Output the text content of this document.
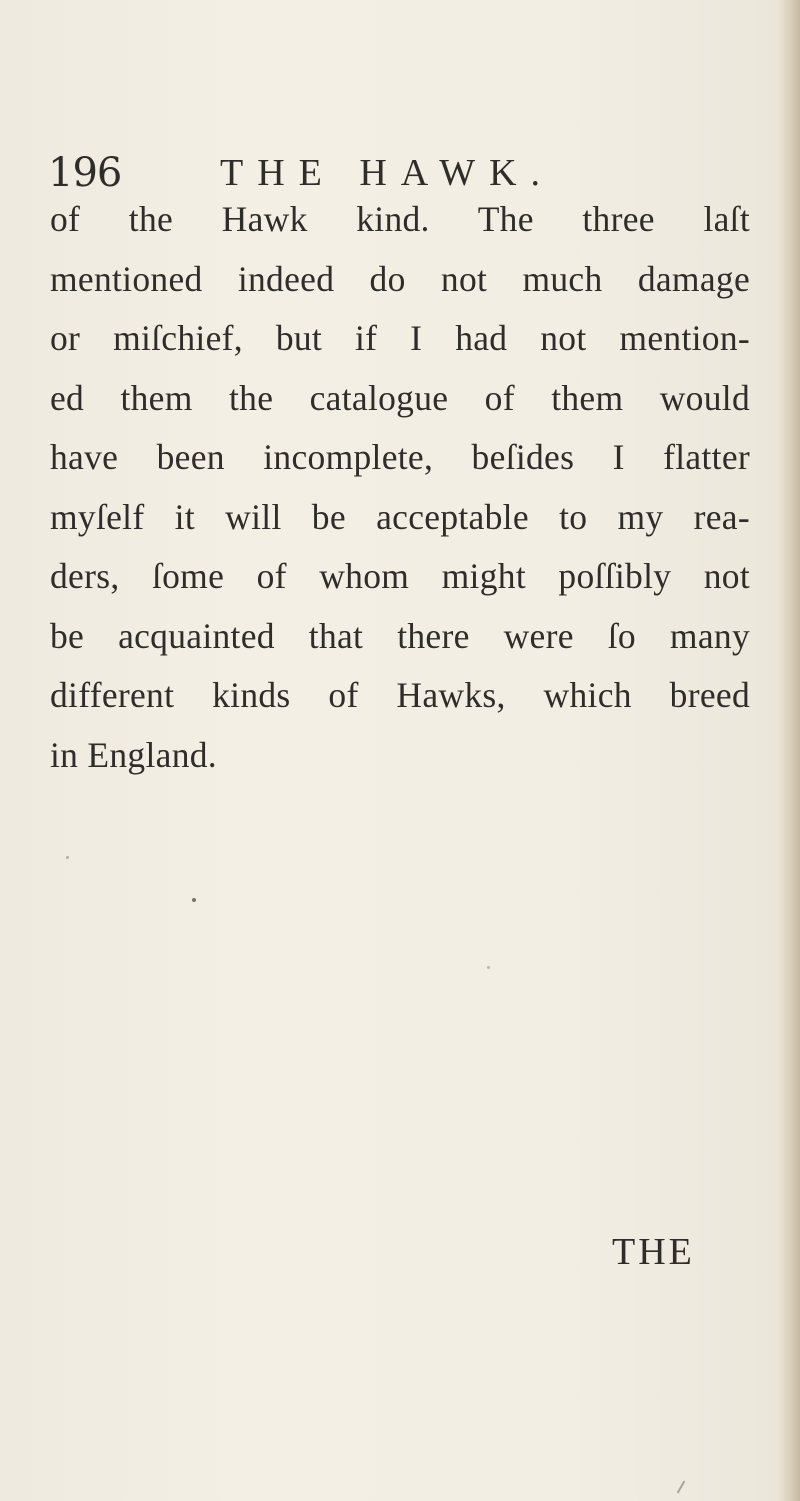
196	THE HAWK.
of the Hawk kind. The three laſt
mentioned indeed do not much damage
or miſchief, but if I had not mention-
ed them the catalogue of them would
have been incomplete, beſides I flatter
myſelf it will be acceptable to my rea-
ders, ſome of whom might poſſibly not
be acquainted that there were ſo many
different kinds of Hawks, which breed
in England.
THE
